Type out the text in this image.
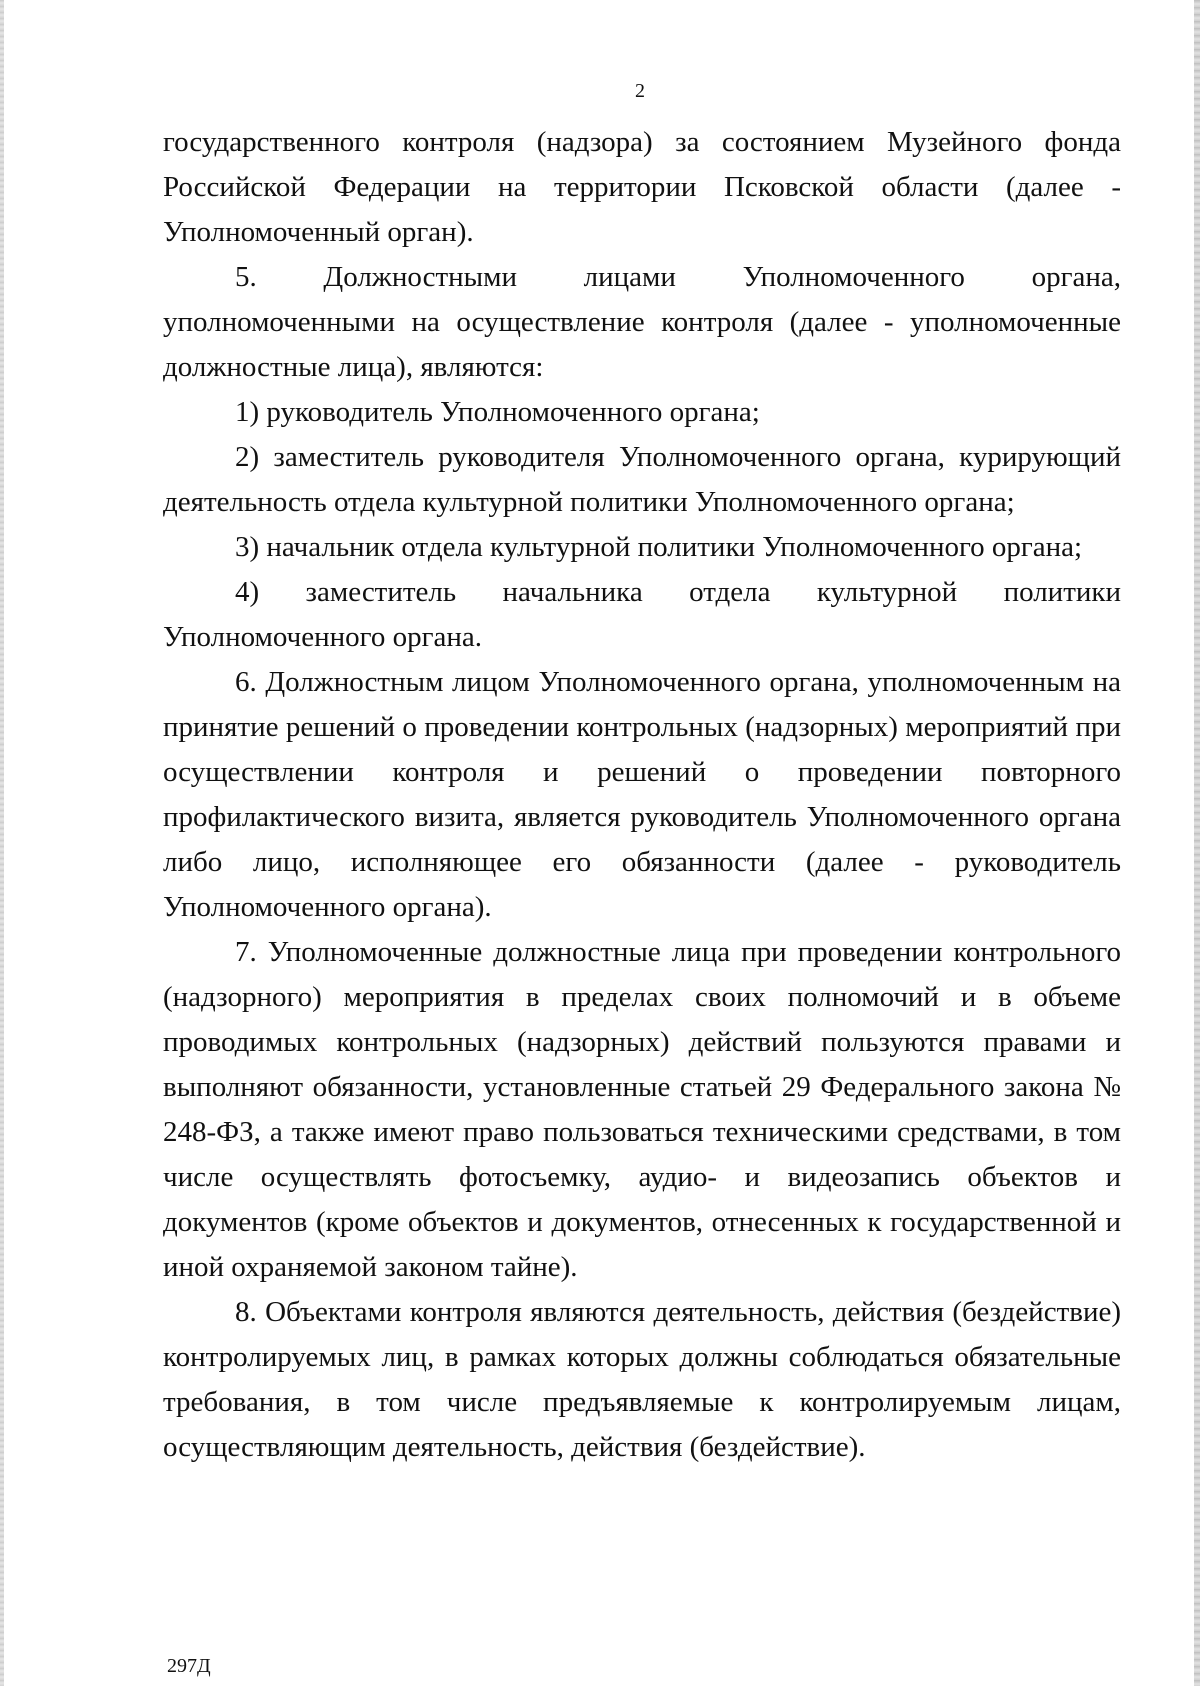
2

государственного контроля (надзора) за состоянием Музейного фонда Российской Федерации на территории Псковской области (далее - Уполномоченный орган).

5. Должностными лицами Уполномоченного органа, уполномоченными на осуществление контроля (далее - уполномоченные должностные лица), являются:

1) руководитель Уполномоченного органа;

2) заместитель руководителя Уполномоченного органа, курирующий деятельность отдела культурной политики Уполномоченного органа;

3) начальник отдела культурной политики Уполномоченного органа;

4) заместитель начальника отдела культурной политики Уполномоченного органа.

6. Должностным лицом Уполномоченного органа, уполномоченным на принятие решений о проведении контрольных (надзорных) мероприятий при осуществлении контроля и решений о проведении повторного профилактического визита, является руководитель Уполномоченного органа либо лицо, исполняющее его обязанности (далее - руководитель Уполномоченного органа).

7. Уполномоченные должностные лица при проведении контрольного (надзорного) мероприятия в пределах своих полномочий и в объеме проводимых контрольных (надзорных) действий пользуются правами и выполняют обязанности, установленные статьей 29 Федерального закона № 248-ФЗ, а также имеют право пользоваться техническими средствами, в том числе осуществлять фотосъемку, аудио- и видеозапись объектов и документов (кроме объектов и документов, отнесенных к государственной и иной охраняемой законом тайне).

8. Объектами контроля являются деятельность, действия (бездействие) контролируемых лиц, в рамках которых должны соблюдаться обязательные требования, в том числе предъявляемые к контролируемым лицам, осуществляющим деятельность, действия (бездействие).

297Д
